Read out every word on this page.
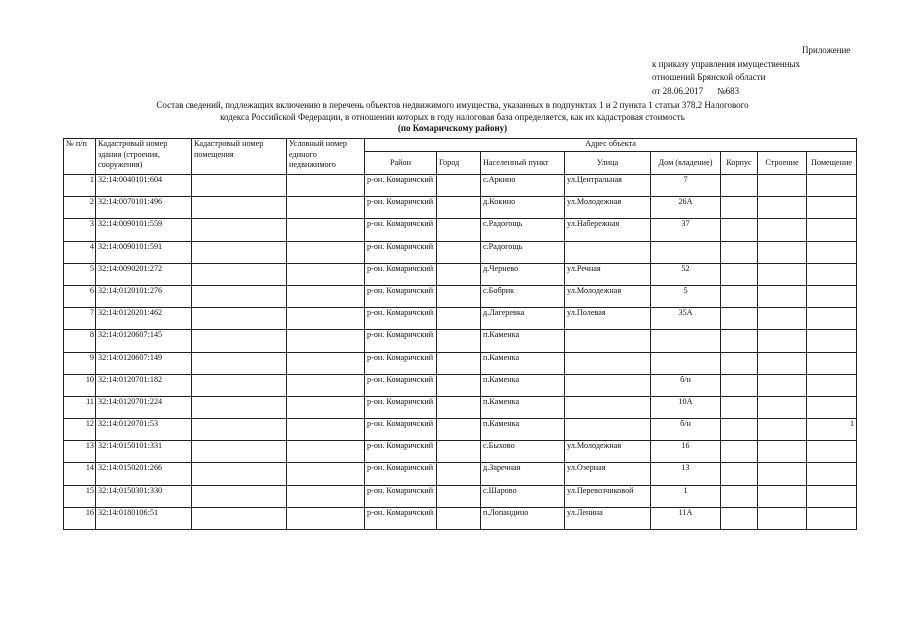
Приложение
к приказу управления имущественных
отношений Брянской области
от 28.06.2017 №683
Состав сведений, подлежащих включению в перечень объектов недвижимого имущества, указанных в подпунктах 1 и 2 пункта 1 статьи 378.2 Налогового
кодекса Российской Федерации, в отношении которых в году налоговая база определяется, как их кадастровая стоимость
(по Комаричскому району)
№ п/п	Кадастровый номер здания (строения, сооружения)	Кадастровый номер помещения	Условный номер единого недвижимого	Адрес объекта							
				Район	Город	Населенный пункт	Улица	Дом (владение)	Корпус	Строение	Помещение
1	32:14:0040101:604			р-он. Комаричский		с.Аркино	ул.Центральная	7			
2	32:14:0070101:496			р-он. Комаричский		д.Кокино	ул.Молодежная	26А			
3	32:14:0090101:559			р-он. Комаричский		с.Радогощь	ул.Набережная	37			
4	32:14:0090101:591			р-он. Комаричский		с.Радогощь					
5	32:14:0090201:272			р-он. Комаричский		д.Чернево	ул.Речная	52			
6	32:14:0120101:276			р-он. Комаричский		с.Бобрик	ул.Молодежная	5			
7	32:14:0120201:462			р-он. Комаричский		д.Лагеревка	ул.Полевая	35А			
8	32:14:0120607:145			р-он. Комаричский		п.Каменка					
9	32:14:0120607:149			р-он. Комаричский		п.Каменка					
10	32:14:0120701:182			р-он. Комаричский		п.Каменка		б/н			
11	32:14:0120701:224			р-он. Комаричский		п.Каменка		10А			
12	32:14:0120701:53			р-он. Комаричский		п.Каменка		б/н			1
13	32:14:0150101:331			р-он. Комаричский		с.Быхово	ул.Молодежная	16			
14	32:14:0150201:266			р-он. Комаричский		д.Заречная	ул.Озерная	13			
15	32:14:0150301:330			р-он. Комаричский		с.Шарово	ул.Перевозчиковой	1			
16	32:14:0180106:51			р-он. Комаричский		п.Лопандино	ул.Ленина	11А			
